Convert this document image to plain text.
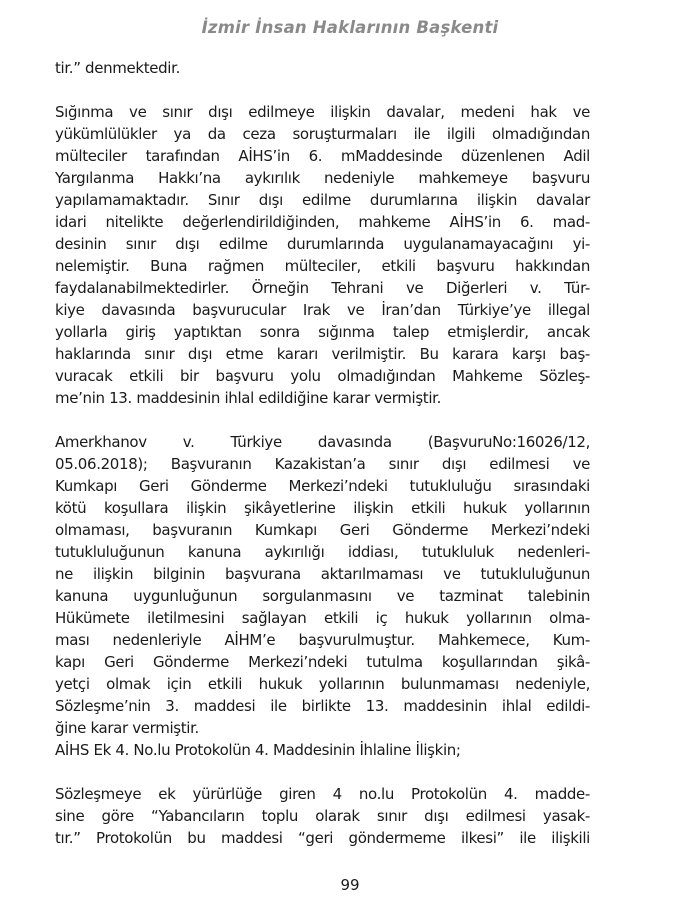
İzmir İnsan Haklarının Başkenti
tir.” denmektedir.
Sığınma ve sınır dışı edilmeye ilişkin davalar, medeni hak ve
yükümlülükler ya da ceza soruşturmaları ile ilgili olmadığından
mülteciler tarafından AİHS’in 6. mMaddesinde düzenlenen Adil
Yargılanma Hakkı’na aykırılık nedeniyle mahkemeye başvuru
yapılamamaktadır. Sınır dışı edilme durumlarına ilişkin davalar
idari nitelikte değerlendirildiğinden, mahkeme AİHS’in 6. mad-
desinin sınır dışı edilme durumlarında uygulanamayacağını yi-
nelemiştir. Buna rağmen mülteciler, etkili başvuru hakkından
faydalanabilmektedirler. Örneğin Tehrani ve Diğerleri v. Tür-
kiye davasında başvurucular Irak ve İran’dan Türkiye’ye illegal
yollarla giriş yaptıktan sonra sığınma talep etmişlerdir, ancak
haklarında sınır dışı etme kararı verilmiştir. Bu karara karşı baş-
vuracak etkili bir başvuru yolu olmadığından Mahkeme Sözleş-
me’nin 13. maddesinin ihlal edildiğine karar vermiştir.
Amerkhanov v. Türkiye davasında (BaşvuruNo:16026/12,
05.06.2018); Başvuranın Kazakistan’a sınır dışı edilmesi ve
Kumkapı Geri Gönderme Merkezi’ndeki tutukluluğu sırasındaki
kötü koşullara ilişkin şikâyetlerine ilişkin etkili hukuk yollarının
olmaması, başvuranın Kumkapı Geri Gönderme Merkezi’ndeki
tutukluluğunun kanuna aykırılığı iddiası, tutukluluk nedenleri-
ne ilişkin bilginin başvurana aktarılmaması ve tutukluluğunun
kanuna uygunluğunun sorgulanmasını ve tazminat talebinin
Hükümete iletilmesini sağlayan etkili iç hukuk yollarının olma-
ması nedenleriyle AİHM’e başvurulmuştur. Mahkemece, Kum-
kapı Geri Gönderme Merkezi’ndeki tutulma koşullarından şikâ-
yetçi olmak için etkili hukuk yollarının bulunmaması nedeniyle,
Sözleşme’nin 3. maddesi ile birlikte 13. maddesinin ihlal edildi-
ğine karar vermiştir.
AİHS Ek 4. No.lu Protokolün 4. Maddesinin İhlaline İlişkin;
Sözleşmeye ek yürürlüğe giren 4 no.lu Protokolün 4. madde-
sine göre “Yabancıların toplu olarak sınır dışı edilmesi yasak-
tır.” Protokolün bu maddesi “geri göndermeme ilkesi” ile ilişkili
99
